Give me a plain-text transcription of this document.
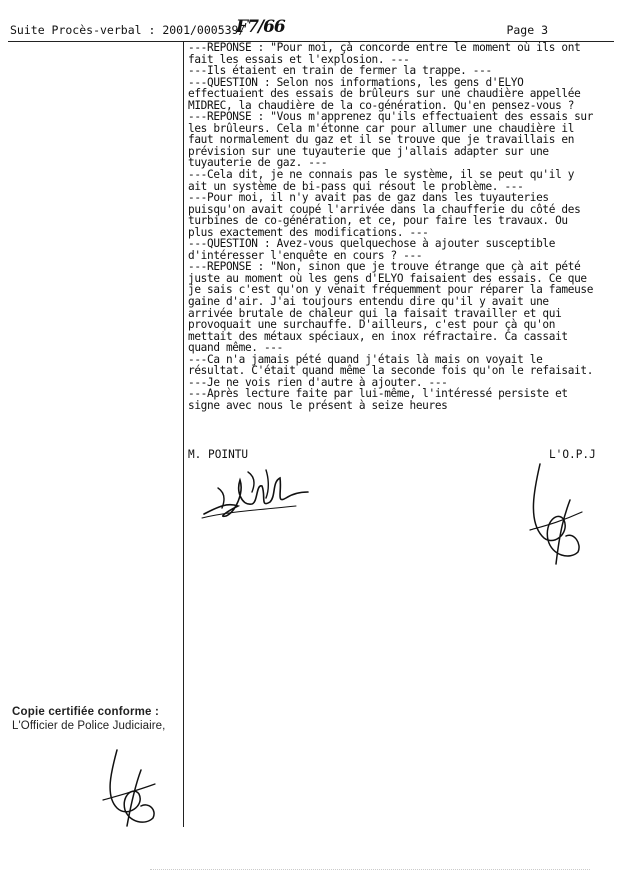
Suite Procès-verbal : 2001/000539/
F7/66	Page 3
---REPONSE : "Pour moi, çà concorde entre le moment où ils ont
fait les essais et l'explosion. ---
---Ils étaient en train de fermer la trappe. ---
---QUESTION : Selon nos informations, les gens d'ELYO
effectuaient des essais de brûleurs sur une chaudière appellée
MIDREC, la chaudière de la co-génération. Qu'en pensez-vous ?
---REPONSE : "Vous m'apprenez qu'ils effectuaient des essais sur
les brûleurs. Cela m'étonne car pour allumer une chaudière il
faut normalement du gaz et il se trouve que je travaillais en
prévision sur une tuyauterie que j'allais adapter sur une
tuyauterie de gaz. ---
---Cela dit, je ne connais pas le système, il se peut qu'il y
ait un système de bi-pass qui résout le problème. ---
---Pour moi, il n'y avait pas de gaz dans les tuyauteries
puisqu'on avait coupé l'arrivée dans la chaufferie du côté des
turbines de co-génération, et ce, pour faire les travaux. Ou
plus exactement des modifications. ---
---QUESTION : Avez-vous quelquechose à ajouter susceptible
d'intéresser l'enquête en cours ? ---
---REPONSE : "Non, sinon que je trouve étrange que çà ait pété
juste au moment où les gens d'ELYO faisaient des essais. Ce que
je sais c'est qu'on y venait fréquemment pour réparer la fameuse
gaine d'air. J'ai toujours entendu dire qu'il y avait une
arrivée brutale de chaleur qui la faisait travailler et qui
provoquait une surchauffe. D'ailleurs, c'est pour çà qu'on
mettait des métaux spéciaux, en inox réfractaire. Ca cassait
quand même. ---
---Ca n'a jamais pété quand j'étais là mais on voyait le
résultat. C'était quand même la seconde fois qu'on le refaisait.
---Je ne vois rien d'autre à ajouter. ---
---Après lecture faite par lui-même, l'intéressé persiste et
signe avec nous le présent à seize heures
M. POINTU	L'O.P.J
Copie certifiée conforme :
L'Officier de Police Judiciaire,
